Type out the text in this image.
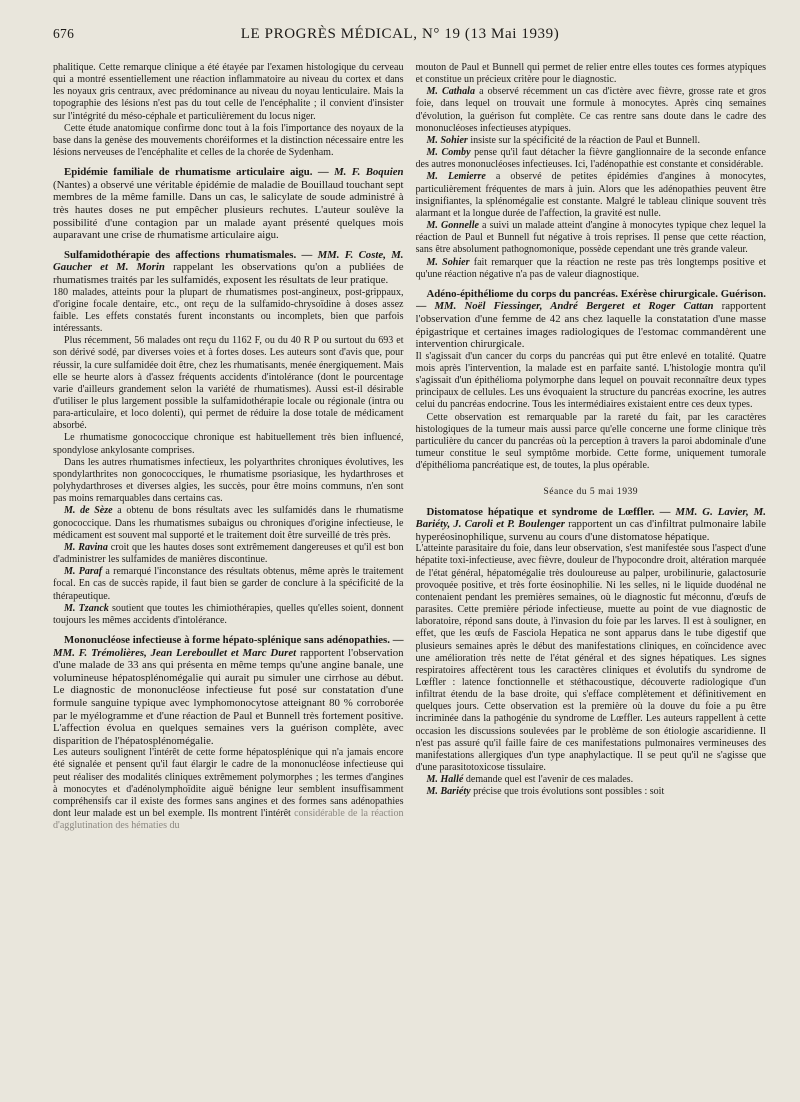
676	LE PROGRÈS MÉDICAL, N° 19 (13 Mai 1939)

phalitique. Cette remarque clinique a été étayée par l'examen histologique du cerveau qui a montré essentiellement une réaction inflammatoire au niveau du cortex et dans les noyaux gris centraux, avec prédominance au niveau du noyau lenticulaire. Mais la topographie des lésions n'est pas du tout celle de l'encéphalite ; il convient d'insister sur l'intégrité du méso-céphale et particulièrement du locus niger.

Cette étude anatomique confirme donc tout à la fois l'importance des noyaux de la base dans la genèse des mouvements choréiformes et la distinction nécessaire entre les lésions nerveuses de l'encéphalite et celles de la chorée de Sydenham.

Epidémie familiale de rhumatisme articulaire aigu. — M. F. Boquien (Nantes) a observé une véritable épidémie de maladie de Bouillaud touchant sept membres de la même famille. Dans un cas, le salicylate de soude administré à très hautes doses ne put empêcher plusieurs rechutes. L'auteur soulève la possibilité d'une contagion par un malade ayant présenté quelques mois auparavant une crise de rhumatisme articulaire aigu.
Sulfamidothérapie des affections rhumatismales. — MM. F. Coste, M. Gaucher et M. Morin rappelant les observations qu'on a publiées de rhumatismes traités par les sulfamidés, exposent les résultats de leur pratique.

180 malades, atteints pour la plupart de rhumatismes post-angineux, post-grippaux, d'origine focale dentaire, etc., ont reçu de la sulfamido-chrysoïdine à doses assez faible. Les effets constatés furent inconstants ou incomplets, bien que parfois intéressants.

Plus récemment, 56 malades ont reçu du 1162 F, ou du 40 R P ou surtout du 693 et son dérivé sodé, par diverses voies et à fortes doses. Les auteurs sont d'avis que, pour réussir, la cure sulfamidée doit être, chez les rhumatisants, menée énergiquement. Mais elle se heurte alors à d'assez fréquents accidents d'intolérance (dont le pourcentage varie d'ailleurs grandement selon la variété de rhumatismes). Aussi est-il désirable d'utiliser le plus largement possible la sulfamidothérapie locale ou régionale (intra ou para-articulaire, et loco dolenti), qui permet de réduire la dose totale de médicament absorbé.

Le rhumatisme gonococcique chronique est habituellement très bien influencé, spondylose ankylosante comprises.

Dans les autres rhumatismes infectieux, les polyarthrites chroniques évolutives, les spondylarthrites non gonococciques, le rhumatisme psoriasique, les hydarthroses et polyhydarthroses et diverses algies, les succès, pour être moins communs, n'en sont pas moins remarquables dans certains cas.

M. de Sèze a obtenu de bons résultats avec les sulfamidés dans le rhumatisme gonococcique. Dans les rhumatismes subaigus ou chroniques d'origine infectieuse, le médicament est souvent mal supporté et le traitement doit être surveillé de très près.

M. Ravina croit que les hautes doses sont extrêmement dangereuses et qu'il est bon d'administrer les sulfamides de manières discontinue.

M. Paraf a remarqué l'inconstance des résultats obtenus, même après le traitement focal. En cas de succès rapide, il faut bien se garder de conclure à la spécificité de la thérapeutique.

M. Tzanck soutient que toutes les chimiothérapies, quelles qu'elles soient, donnent toujours les mêmes accidents d'intolérance.

Mononucléose infectieuse à forme hépato-splénique sans adénopathies. — MM. F. Trémolières, Jean Lereboullet et Marc Duret rapportent l'observation d'une malade de 33 ans qui présenta en même temps qu'une angine banale, une volumineuse hépatosplénomégalie qui aurait pu simuler une cirrhose au début. Le diagnostic de mononucléose infectieuse fut posé sur constatation d'une formule sanguine typique avec lymphomonocytose atteignant 80 % corroborée par le myélogramme et d'une réaction de Paul et Bunnell très fortement positive. L'affection évolua en quelques semaines vers la guérison complète, avec disparition de l'hépatosplénomégalie.

Les auteurs soulignent l'intérêt de cette forme hépatosplénique qui n'a jamais encore été signalée et pensent qu'il faut élargir le cadre de la mononucléose infectieuse qui peut réaliser des modalités cliniques extrêmement polymorphes ; les termes d'angines à monocytes et d'adénolymphoïdite aiguë bénigne leur semblent insuffisamment compréhensifs car il existe des formes sans angines et des formes sans adénopathies dont leur malade est un bel exemple. Ils montrent l'intérêt considérable de la réaction d'agglutination des hématies du

mouton de Paul et Bunnell qui permet de relier entre elles toutes ces formes atypiques et constitue un précieux critère pour le diagnostic.

M. Cathala a observé récemment un cas d'ictère avec fièvre, grosse rate et gros foie, dans lequel on trouvait une formule à monocytes. Après cinq semaines d'évolution, la guérison fut complète. Ce cas rentre sans doute dans le cadre des mononucléoses infectieuses atypiques.

M. Sohier insiste sur la spécificité de la réaction de Paul et Bunnell.

M. Comby pense qu'il faut détacher la fièvre ganglionnaire de la seconde enfance des autres mononucléoses infectieuses. Ici, l'adénopathie est constante et considérable.

M. Lemierre a observé de petites épidémies d'angines à monocytes, particulièrement fréquentes de mars à juin. Alors que les adénopathies peuvent être insignifiantes, la splénomégalie est constante. Malgré le tableau clinique souvent très alarmant et la longue durée de l'affection, la gravité est nulle.

M. Gonnelle a suivi un malade atteint d'angine à monocytes typique chez lequel la réaction de Paul et Bunnell fut négative à trois reprises. Il pense que cette réaction, sans être absolument pathognomonique, possède cependant une très grande valeur.

M. Sohier fait remarquer que la réaction ne reste pas très longtemps positive et qu'une réaction négative n'a pas de valeur diagnostique.

Adéno-épithéliome du corps du pancréas. Exérèse chirurgicale. Guérison. — MM. Noël Fiessinger, André Bergeret et Roger Cattan rapportent l'observation d'une femme de 42 ans chez laquelle la constatation d'une masse épigastrique et certaines images radiologiques de l'estomac commandèrent une intervention chirurgicale.

Il s'agissait d'un cancer du corps du pancréas qui put être enlevé en totalité. Quatre mois après l'intervention, la malade est en parfaite santé. L'histologie montra qu'il s'agissait d'un épithélioma polymorphe dans lequel on pouvait reconnaître deux types principaux de cellules. Les uns évoquaient la structure du pancréas exocrine, les autres celui du pancréas endocrine. Tous les intermédiaires existaient entre ces deux types.

Cette observation est remarquable par la rareté du fait, par les caractères histologiques de la tumeur mais aussi parce qu'elle concerne une forme clinique très particulière du cancer du pancréas où la perception à travers la paroi abdominale d'une tumeur constitue le seul symptôme morbide. Cette forme, uniquement tumorale d'épithélioma pancréatique est, de toutes, la plus opérable.

Séance du 5 mai 1939
Distomatose hépatique et syndrome de Lœffler. — MM. G. Lavier, M. Bariéty, J. Caroli et P. Boulenger rapportent un cas d'infiltrat pulmonaire labile hyperéosinophilique, survenu au cours d'une distomatose hépatique.

L'atteinte parasitaire du foie, dans leur observation, s'est manifestée sous l'aspect d'une hépatite toxi-infectieuse, avec fièvre, douleur de l'hypocondre droit, altération marquée de l'état général, hépatomégalie très douloureuse au palper, urobilinurie, galactosurie provoquée positive, et très forte éosinophilie. Ni les selles, ni le liquide duodénal ne contenaient pendant les premières semaines, où le diagnostic fut méconnu, d'œufs de parasites. Cette première période infectieuse, muette au point de vue diagnostic de laboratoire, répond sans doute, à l'invasion du foie par les larves. Il est à souligner, en effet, que les œufs de Fasciola Hepatica ne sont apparus dans le tube digestif que plusieurs semaines après le début des manifestations cliniques, en coïncidence avec une amélioration très nette de l'état général et des signes hépatiques. Les signes respiratoires affectèrent tous les caractères cliniques et évolutifs du syndrome de Lœffler : latence fonctionnelle et stéthacoustique, découverte radiologique d'un infiltrat étendu de la base droite, qui s'efface complètement et définitivement en quelques jours. Cette observation est la première où la douve du foie a pu être incriminée dans la pathogénie du syndrome de Lœffler. Les auteurs rappellent à cette occasion les discussions soulevées par le problème de son étiologie ascaridienne. Il n'est pas assuré qu'il faille faire de ces manifestations pulmonaires vermineuses des manifestations allergiques d'un type anaphylactique. Il se peut qu'il ne s'agisse que d'une parasitotoxicose tissulaire.

M. Hallé demande quel est l'avenir de ces malades.

M. Bariéty précise que trois évolutions sont possibles : soit
